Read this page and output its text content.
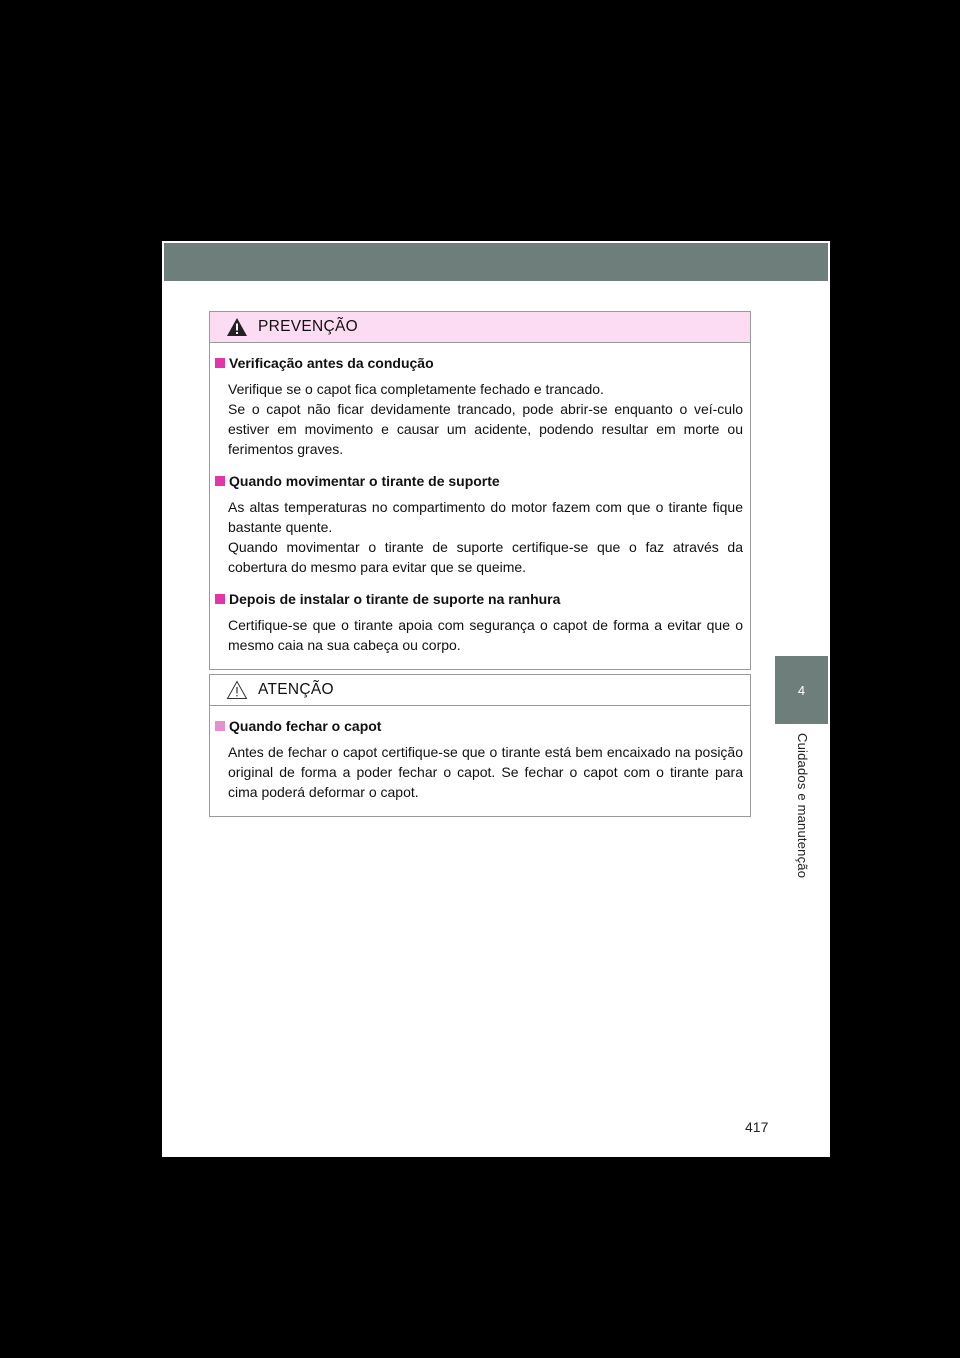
PREVENÇÃO
Verificação antes da condução

Verifique se o capot fica completamente fechado e trancado.

Se o capot não ficar devidamente trancado, pode abrir-se enquanto o veí-culo estiver em movimento e causar um acidente, podendo resultar em morte ou ferimentos graves.

Quando movimentar o tirante de suporte

As altas temperaturas no compartimento do motor fazem com que o tirante fique bastante quente.

Quando movimentar o tirante de suporte certifique-se que o faz através da cobertura do mesmo para evitar que se queime.

Depois de instalar o tirante de suporte na ranhura

Certifique-se que o tirante apoia com segurança o capot de forma a evitar que o mesmo caia na sua cabeça ou corpo.

ATENÇÃO
Quando fechar o capot

Antes de fechar o capot certifique-se que o tirante está bem encaixado na posição original de forma a poder fechar o capot. Se fechar o capot com o tirante para cima poderá deformar o capot.

4
Cuidados e manutenção
417
